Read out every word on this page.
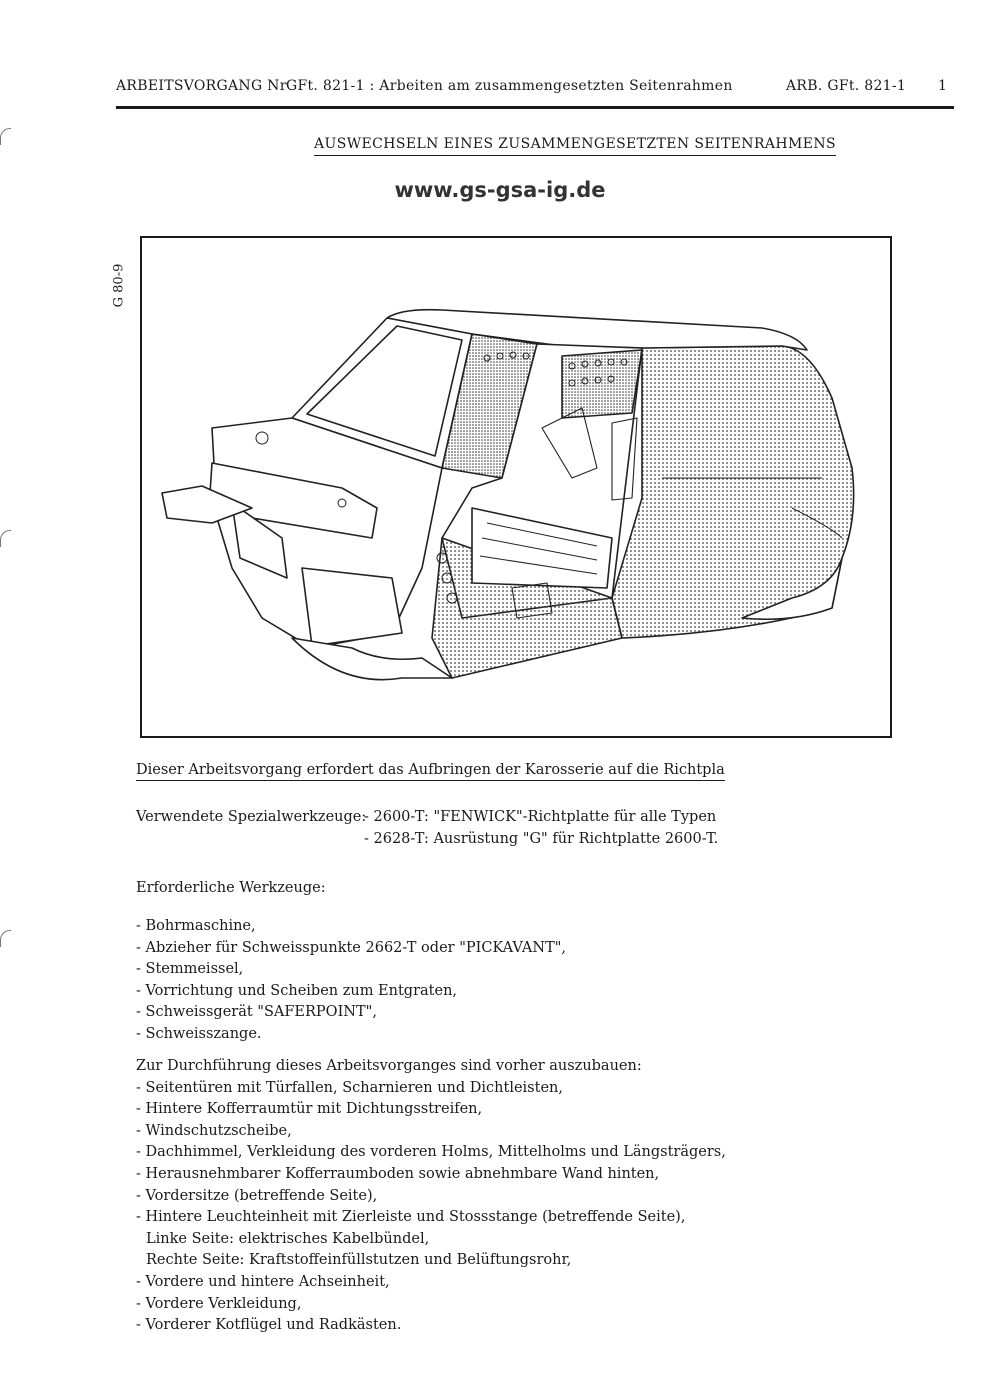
ARBEITSVORGANG Nr GFt. 821-1 : Arbeiten am zusammengesetzten Seitenrahmen	ARB. GFt. 821-1 1
AUSWECHSELN EINES ZUSAMMENGESETZTEN SEITENRAHMENS
www.gs-gsa-ig.de
G 80-9
Dieser Arbeitsvorgang erfordert das Aufbringen der Karosserie auf die Richtpla
Verwendete Spezialwerkzeuge:
- 2600-T: "FENWICK"-Richtplatte für alle Typen
- 2628-T: Ausrüstung "G" für Richtplatte 2600-T.
Erforderliche Werkzeuge:
- Bohrmaschine,
- Abzieher für Schweisspunkte 2662-T oder "PICKAVANT",
- Stemmeissel,
- Vorrichtung und Scheiben zum Entgraten,
- Schweissgerät "SAFERPOINT",
- Schweisszange.
Zur Durchführung dieses Arbeitsvorganges sind vorher auszubauen:
- Seitentüren mit Türfallen, Scharnieren und Dichtleisten,
- Hintere Kofferraumtür mit Dichtungsstreifen,
- Windschutzscheibe,
- Dachhimmel, Verkleidung des vorderen Holms, Mittelholms und Längsträgers,
- Herausnehmbarer Kofferraumboden sowie abnehmbare Wand hinten,
- Vordersitze (betreffende Seite),
- Hintere Leuchteinheit mit Zierleiste und Stossstange (betreffende Seite),
Linke Seite: elektrisches Kabelbündel,
Rechte Seite: Kraftstoffeinfüllstutzen und Belüftungsrohr,
- Vordere und hintere Achseinheit,
- Vordere Verkleidung,
- Vorderer Kotflügel und Radkästen.
